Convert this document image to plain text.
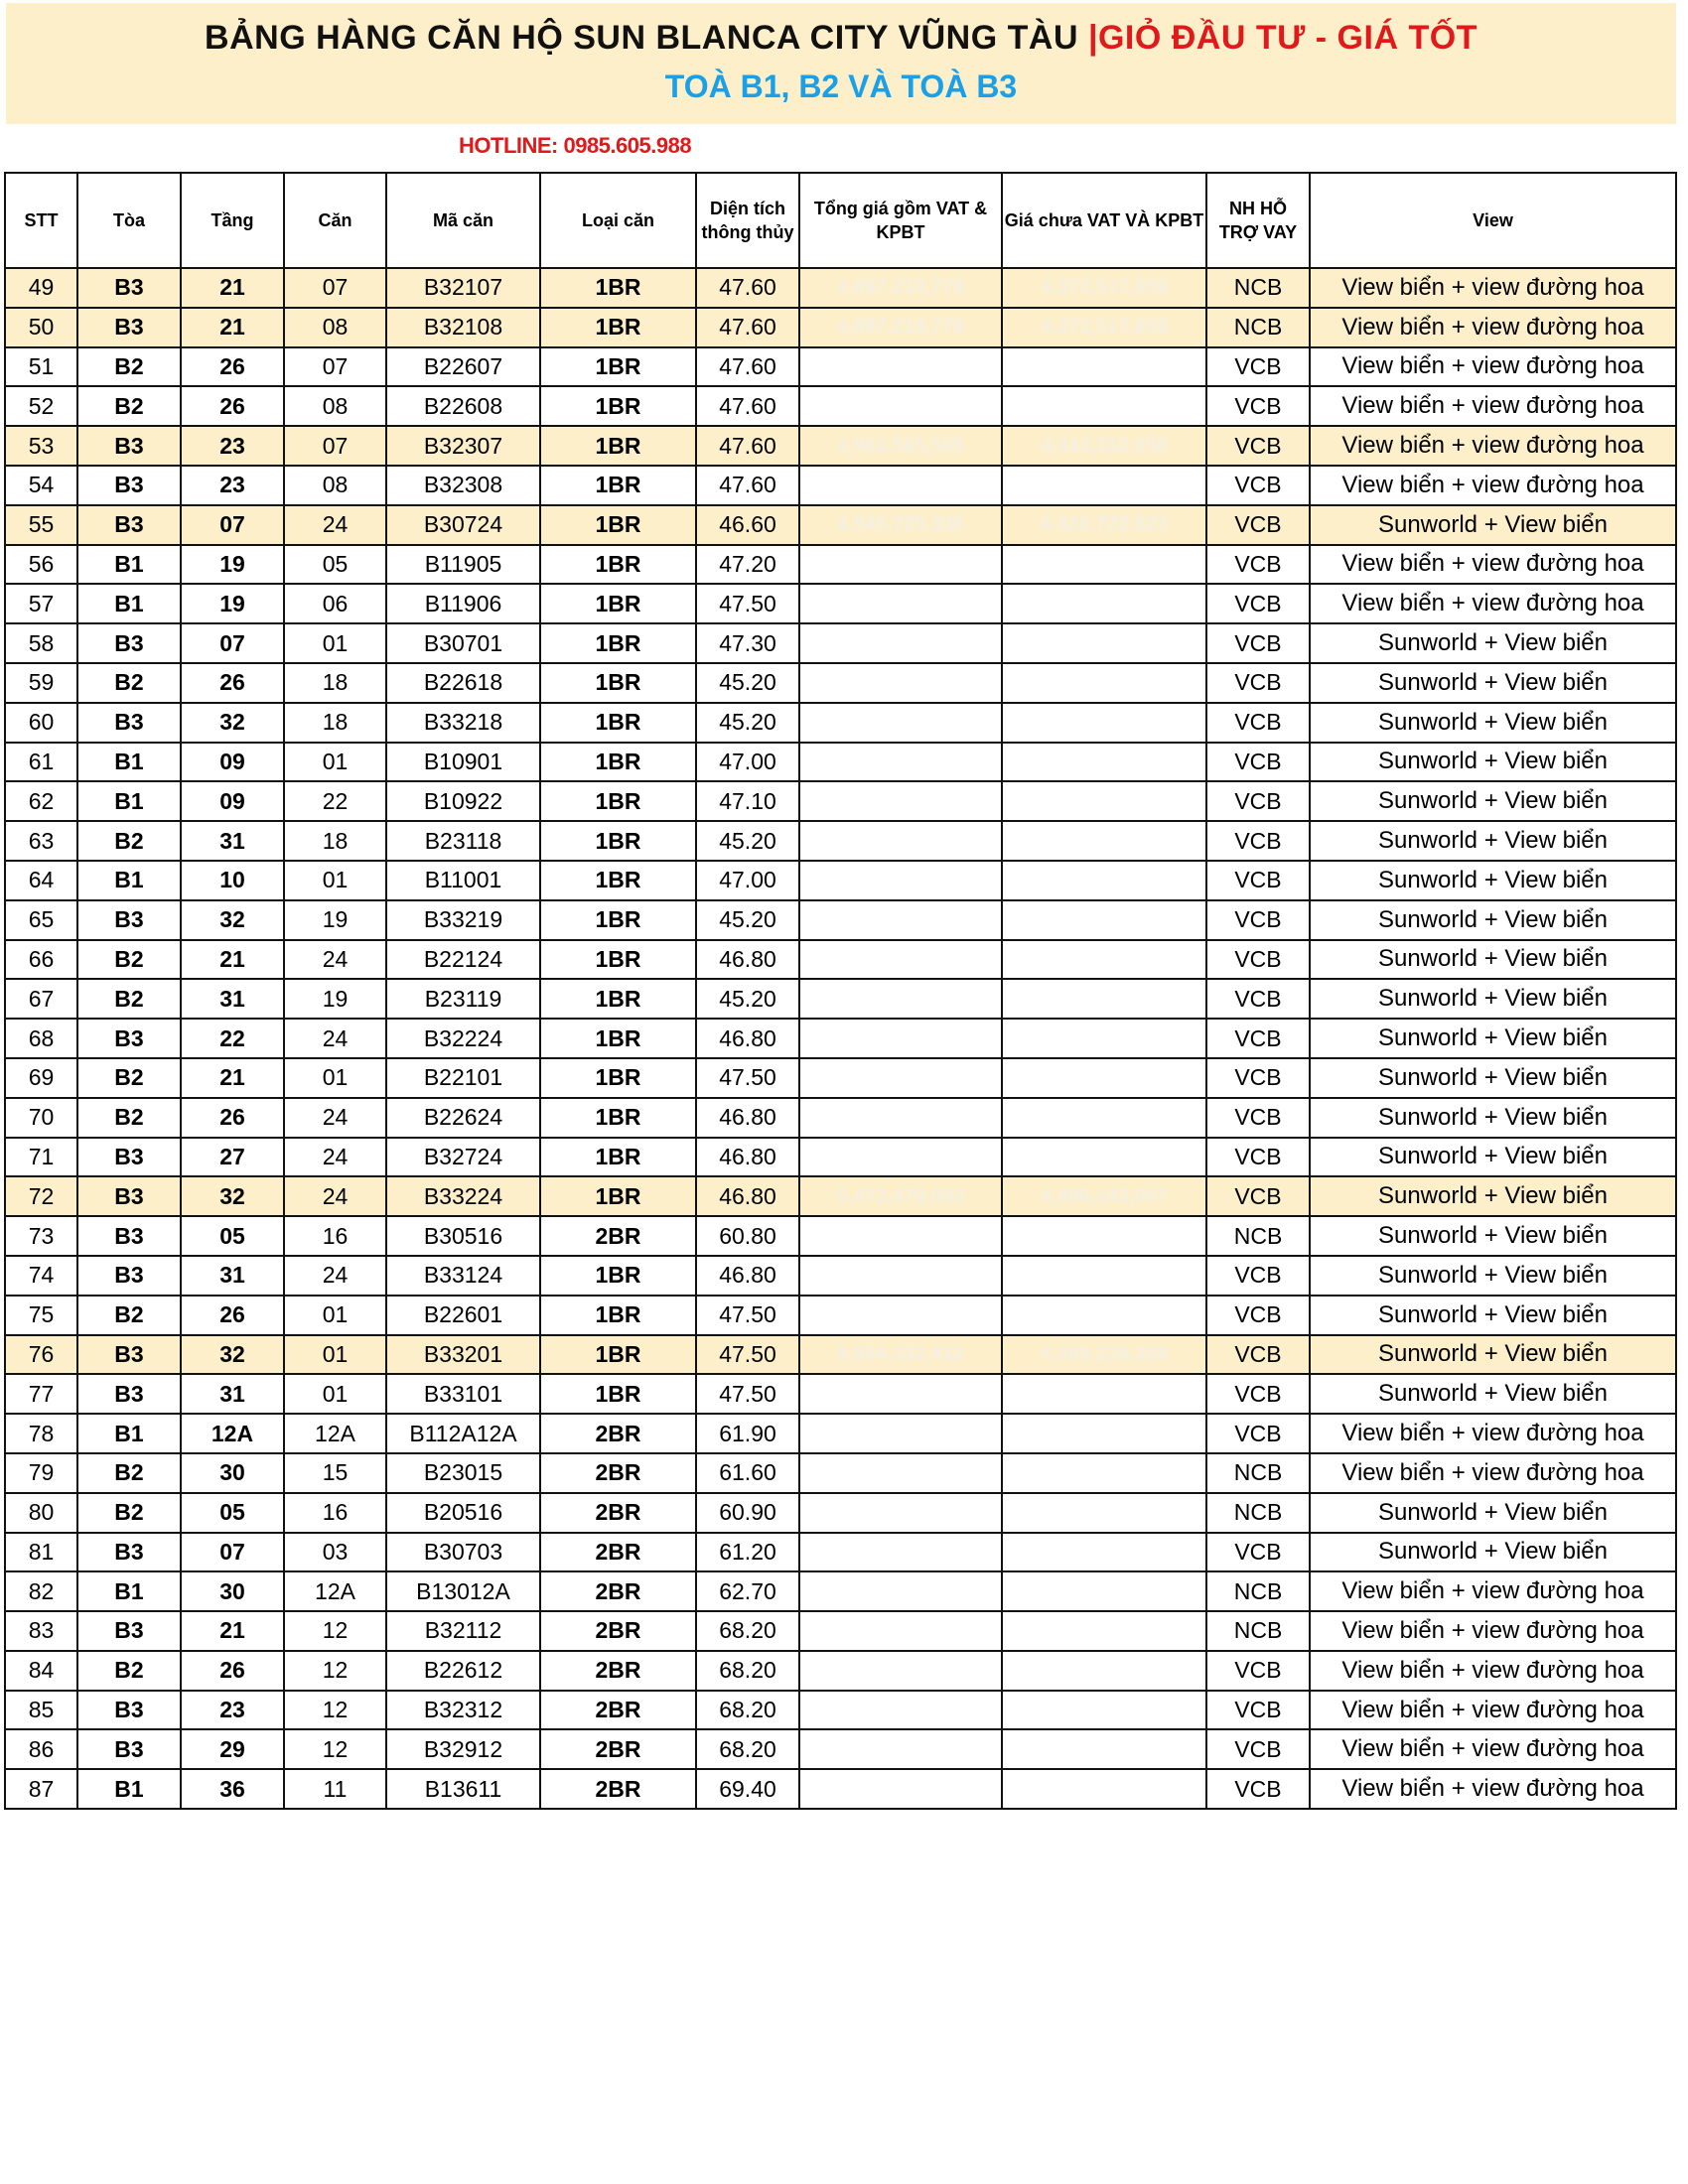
BẢNG HÀNG CĂN HỘ SUN BLANCA CITY VŨNG TÀU |GIỎ ĐẦU TƯ - GIÁ TỐT
TOÀ B1, B2 VÀ TOÀ B3
HOTLINE: 0985.605.988
STT	Tòa	Tầng	Căn	Mã căn	Loại căn	Diện tích thông thủy	Tổng giá gồm VAT & KPBT	Giá chưa VAT VÀ KPBT	NH HỖ TRỢ VAY	View
49	B3	21	07	B32107	1BR	47.60	4,897,219,778	4,372,517,659	NCB	View biển + view đường hoa
50	B3	21	08	B32108	1BR	47.60	4,897,219,778	4,372,517,659	NCB	View biển + view đường hoa
51	B2	26	07	B22607	1BR	47.60			VCB	View biển + view đường hoa
52	B2	26	08	B22608	1BR	47.60			VCB	View biển + view đường hoa
53	B3	23	07	B32307	1BR	47.60	4,961,565,505	4,412,112,058	VCB	View biển + view đường hoa
54	B3	23	08	B32308	1BR	47.60			VCB	View biển + view đường hoa
55	B3	07	24	B30724	1BR	46.60	4,946,729,336	4,416,722,623	VCB	Sunworld + View biển
56	B1	19	05	B11905	1BR	47.20			VCB	View biển + view đường hoa
57	B1	19	06	B11906	1BR	47.50			VCB	View biển + view đường hoa
58	B3	07	01	B30701	1BR	47.30			VCB	Sunworld + View biển
59	B2	26	18	B22618	1BR	45.20			VCB	Sunworld + View biển
60	B3	32	18	B33218	1BR	45.20			VCB	Sunworld + View biển
61	B1	09	01	B10901	1BR	47.00			VCB	Sunworld + View biển
62	B1	09	22	B10922	1BR	47.10			VCB	Sunworld + View biển
63	B2	31	18	B23118	1BR	45.20			VCB	Sunworld + View biển
64	B1	10	01	B11001	1BR	47.00			VCB	Sunworld + View biển
65	B3	32	19	B33219	1BR	45.20			VCB	Sunworld + View biển
66	B2	21	24	B22124	1BR	46.80			VCB	Sunworld + View biển
67	B2	31	19	B23119	1BR	45.20			VCB	Sunworld + View biển
68	B3	22	24	B32224	1BR	46.80			VCB	Sunworld + View biển
69	B2	21	01	B22101	1BR	47.50			VCB	Sunworld + View biển
70	B2	26	24	B22624	1BR	46.80			VCB	Sunworld + View biển
71	B3	27	24	B32724	1BR	46.80			VCB	Sunworld + View biển
72	B3	32	24	B33224	1BR	46.80	5,472,479,093	4,886,142,047	VCB	Sunworld + View biển
73	B3	05	16	B30516	2BR	60.80			NCB	Sunworld + View biển
74	B3	31	24	B33124	1BR	46.80			VCB	Sunworld + View biển
75	B2	26	01	B22601	1BR	47.50			VCB	Sunworld + View biển
76	B3	32	01	B33201	1BR	47.50	5,554,332,412	4,959,225,368	VCB	Sunworld + View biển
77	B3	31	01	B33101	1BR	47.50			VCB	Sunworld + View biển
78	B1	12A	12A	B112A12A	2BR	61.90			VCB	View biển + view đường hoa
79	B2	30	15	B23015	2BR	61.60			NCB	View biển + view đường hoa
80	B2	05	16	B20516	2BR	60.90			NCB	Sunworld + View biển
81	B3	07	03	B30703	2BR	61.20			VCB	Sunworld + View biển
82	B1	30	12A	B13012A	2BR	62.70			NCB	View biển + view đường hoa
83	B3	21	12	B32112	2BR	68.20			NCB	View biển + view đường hoa
84	B2	26	12	B22612	2BR	68.20			VCB	View biển + view đường hoa
85	B3	23	12	B32312	2BR	68.20			VCB	View biển + view đường hoa
86	B3	29	12	B32912	2BR	68.20			VCB	View biển + view đường hoa
87	B1	36	11	B13611	2BR	69.40			VCB	View biển + view đường hoa
